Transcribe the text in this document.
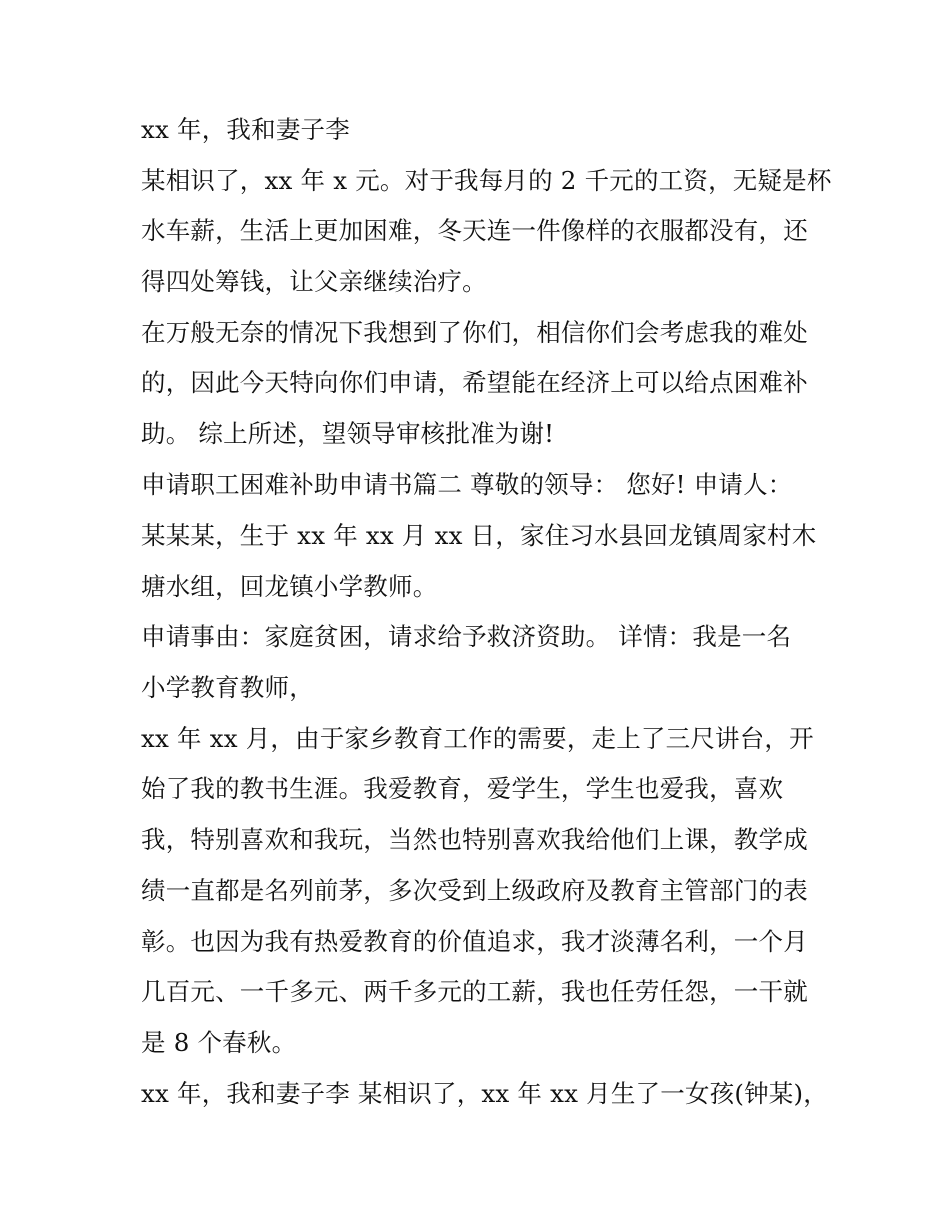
xx 年，我和妻子李
某相识了，xx 年 x 元。对于我每月的 2 千元的工资，无疑是杯
水车薪，生活上更加困难，冬天连一件像样的衣服都没有，还
得四处筹钱，让父亲继续治疗。
在万般无奈的情况下我想到了你们，相信你们会考虑我的难处
的，因此今天特向你们申请，希望能在经济上可以给点困难补
助。 综上所述，望领导审核批准为谢!
申请职工困难补助申请书篇二 尊敬的领导： 您好! 申请人：
某某某，生于 xx 年 xx 月 xx 日，家住习水县回龙镇周家村木
塘水组，回龙镇小学教师。
申请事由：家庭贫困，请求给予救济资助。 详情：我是一名
小学教育教师，
xx 年 xx 月，由于家乡教育工作的需要，走上了三尺讲台，开
始了我的教书生涯。我爱教育，爱学生，学生也爱我，喜欢
我，特别喜欢和我玩，当然也特别喜欢我给他们上课，教学成
绩一直都是名列前茅，多次受到上级政府及教育主管部门的表
彰。也因为我有热爱教育的价值追求，我才淡薄名利，一个月
几百元、一千多元、两千多元的工薪，我也任劳任怨，一干就
是 8 个春秋。
xx 年，我和妻子李 某相识了，xx 年 xx 月生了一女孩(钟某)，
